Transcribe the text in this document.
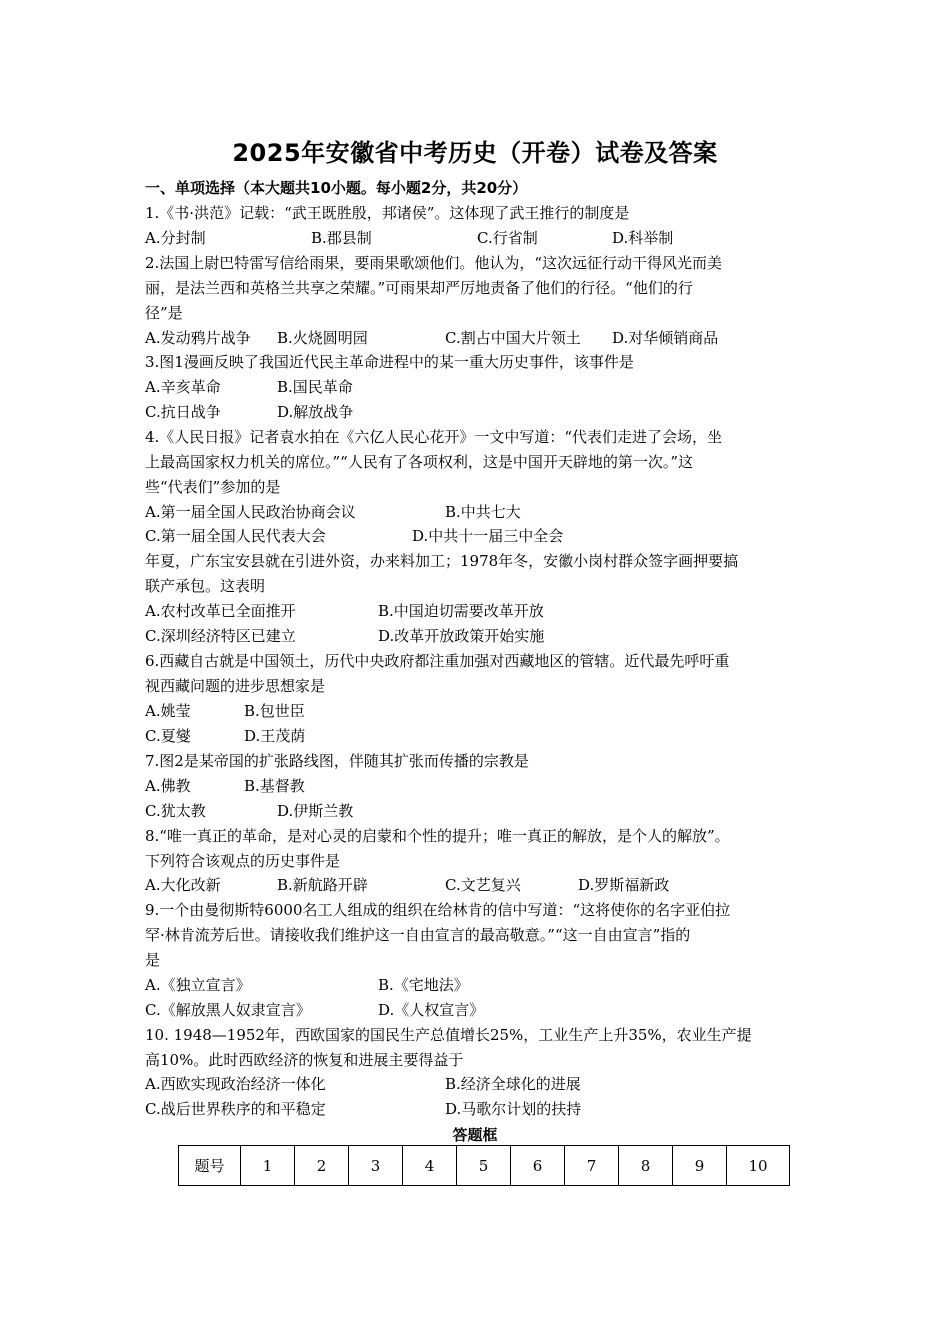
2025年安徽省中考历史（开卷）试卷及答案
一、单项选择（本大题共10小题。每小题2分，共20分）
1.《书·洪范》记载：“武王既胜殷，邦诸侯”。这体现了武王推行的制度是
A.分封制	B.郡县制	C.行省制	D.科举制
2.法国上尉巴特雷写信给雨果，要雨果歌颂他们。他认为，“这次远征行动干得风光而美
丽，是法兰西和英格兰共享之荣耀。”可雨果却严厉地责备了他们的行径。“他们的行
径”是
A.发动鸦片战争 B.火烧圆明园	C.割占中国大片领土 D.对华倾销商品
3.图1漫画反映了我国近代民主革命进程中的某一重大历史事件，该事件是
A.辛亥革命	B.国民革命
C.抗日战争	D.解放战争
4.《人民日报》记者袁水拍在《六亿人民心花开》一文中写道：“代表们走进了会场，坐
上最高国家权力机关的席位。”“人民有了各项权利，这是中国开天辟地的第一次。”这
些“代表们”参加的是
A.第一届全国人民政治协商会议	B.中共七大
C.第一届全国人民代表大会	D.中共十一届三中全会
年夏，广东宝安县就在引进外资，办来料加工；1978年冬，安徽小岗村群众签字画押要搞
联产承包。这表明
A.农村改革已全面推开	B.中国迫切需要改革开放
C.深圳经济特区已建立	D.改革开放政策开始实施
6.西藏自古就是中国领土，历代中央政府都注重加强对西藏地区的管辖。近代最先呼吁重
视西藏问题的进步思想家是
A.姚莹	B.包世臣
C.夏燮	D.王茂荫
7.图2是某帝国的扩张路线图，伴随其扩张而传播的宗教是
A.佛教	B.基督教
C.犹太教	D.伊斯兰教
8.“唯一真正的革命，是对心灵的启蒙和个性的提升；唯一真正的解放，是个人的解放”。
下列符合该观点的历史事件是
A.大化改新	B.新航路开辟	C.文艺复兴	D.罗斯福新政
9.一个由曼彻斯特6000名工人组成的组织在给林肯的信中写道：“这将使你的名字亚伯拉
罕·林肯流芳后世。请接收我们维护这一自由宣言的最高敬意。”“这一自由宣言”指的
是
A.《独立宣言》	B.《宅地法》
C.《解放黑人奴隶宣言》	D.《人权宣言》
10. 1948—1952年，西欧国家的国民生产总值增长25%，工业生产上升35%，农业生产提
高10%。此时西欧经济的恢复和进展主要得益于
A.西欧实现政治经济一体化	B.经济全球化的进展
C.战后世界秩序的和平稳定	D.马歌尔计划的扶持
答题框
题号	1	2	3	4	5	6	7	8	9	10
